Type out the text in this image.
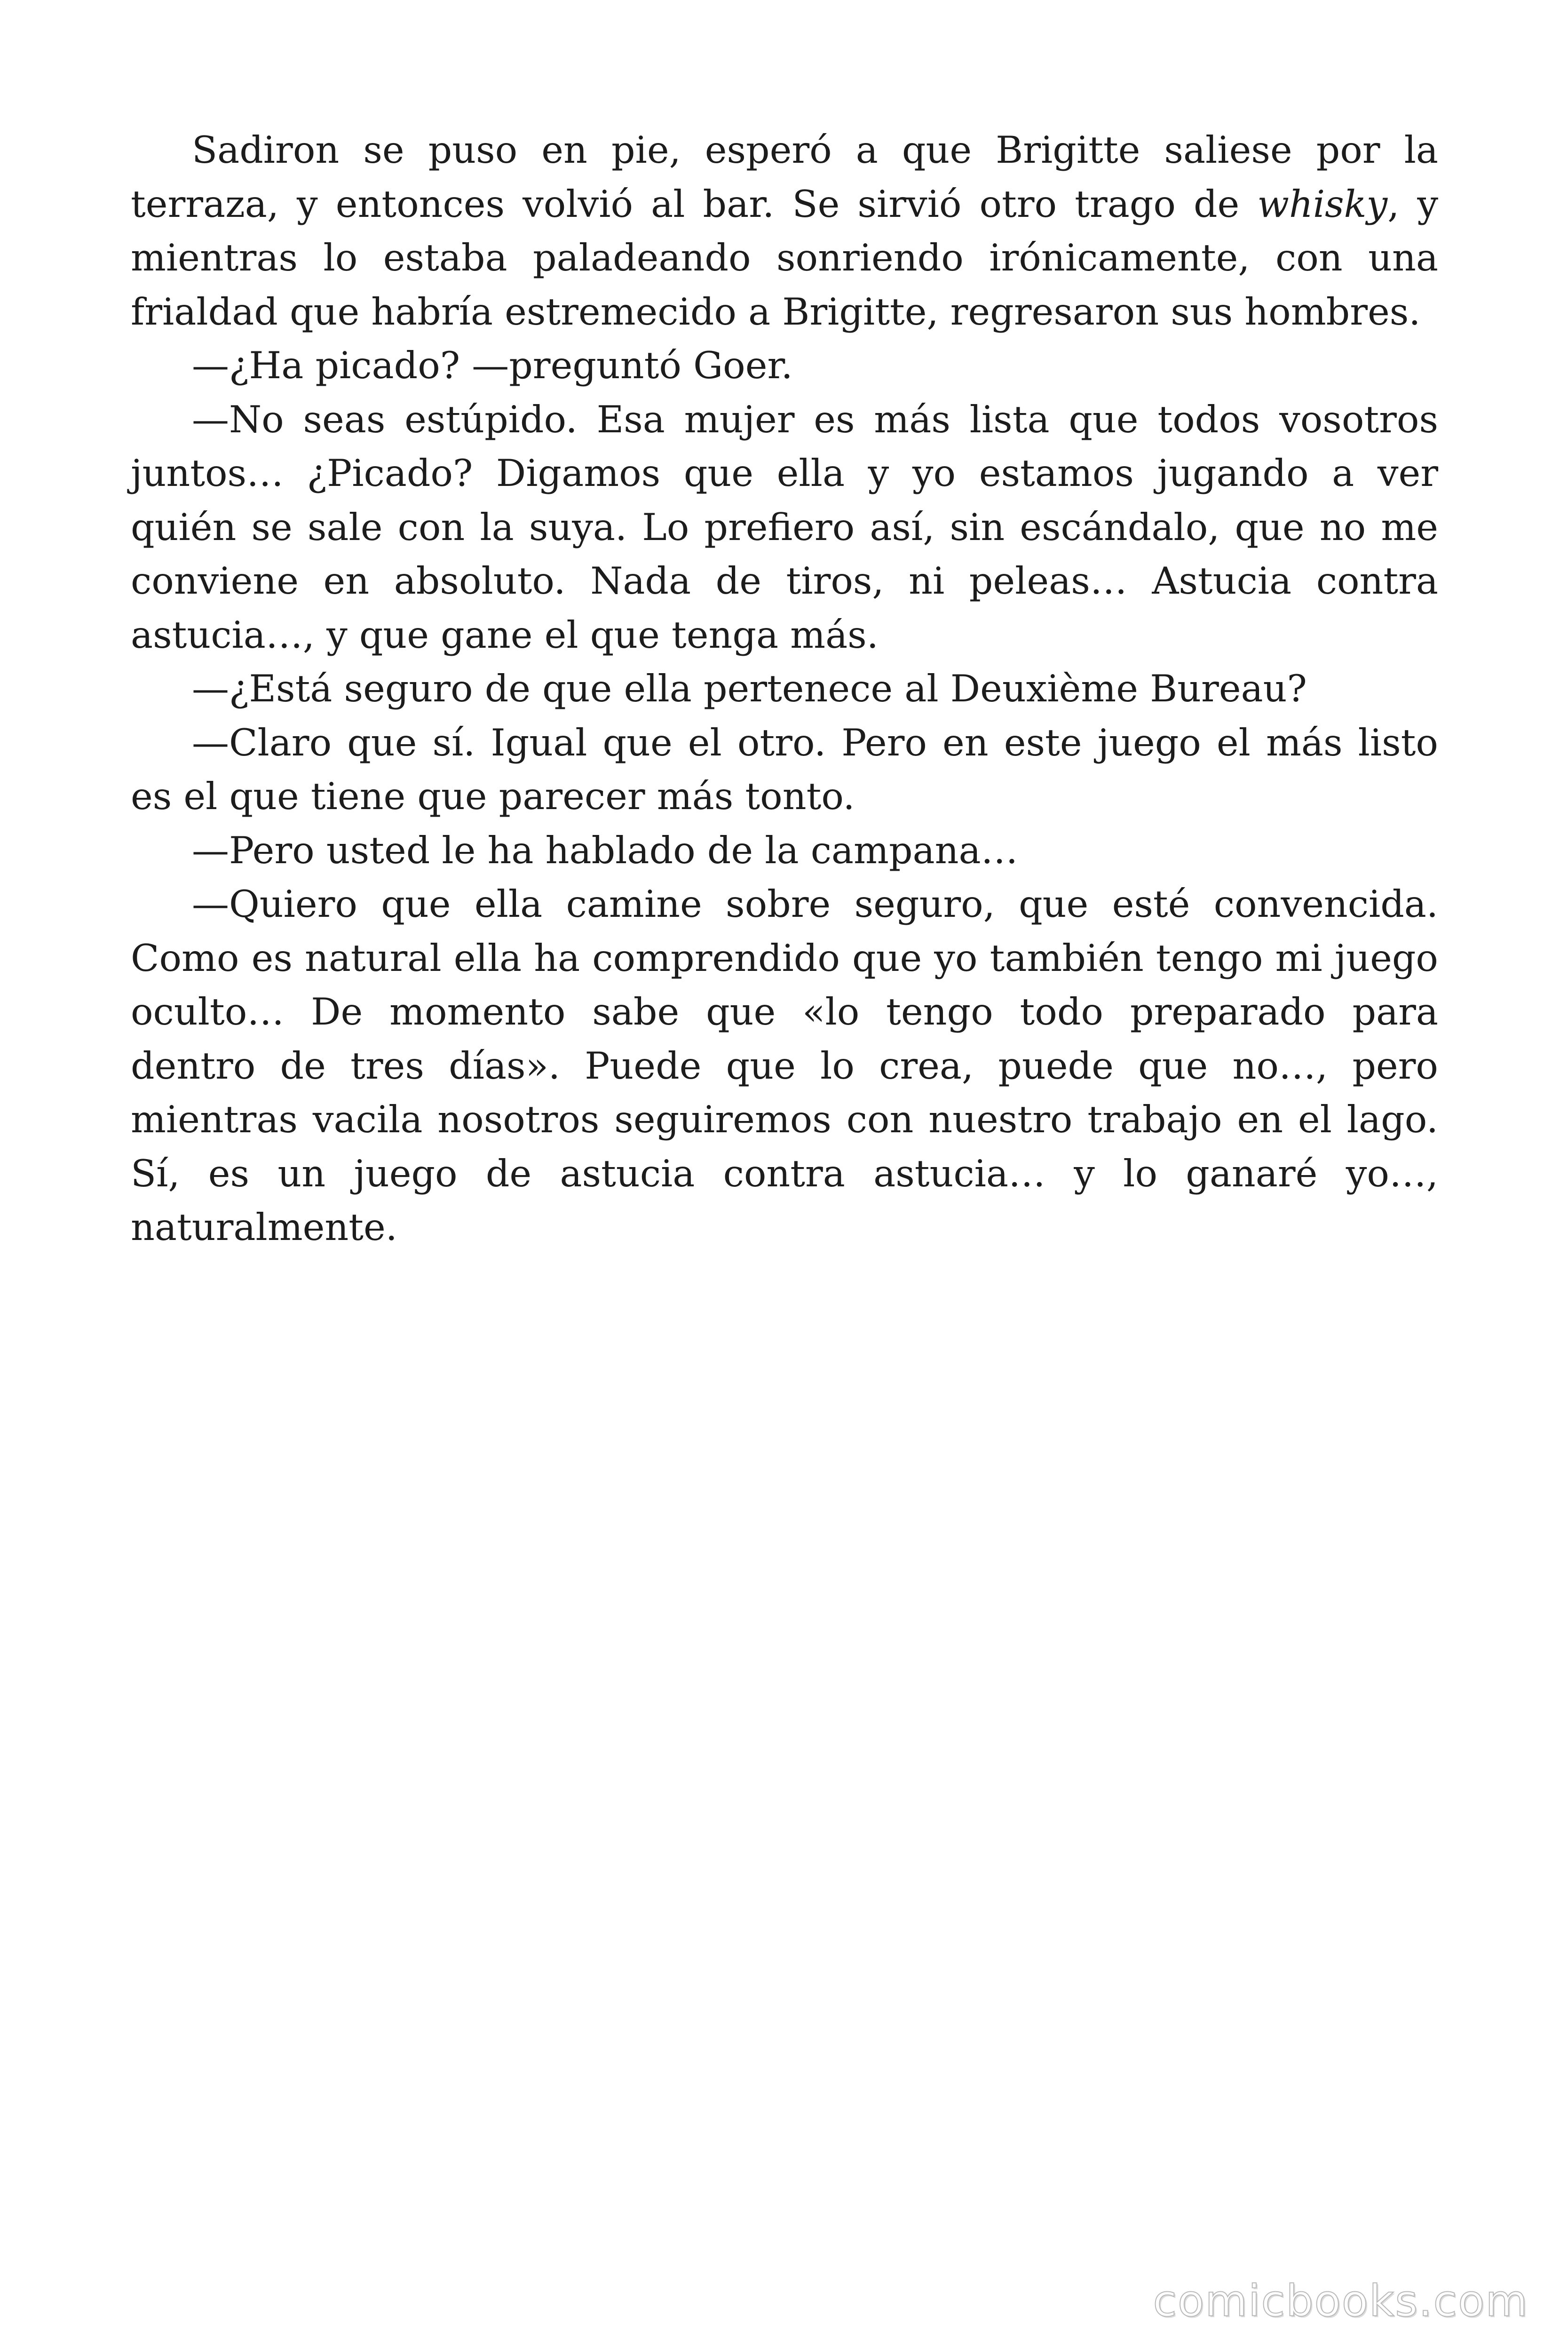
Sadiron se puso en pie, esperó a que Brigitte saliese por la terraza, y entonces volvió al bar. Se sirvió otro trago de whisky, y mientras lo estaba paladeando sonriendo irónicamente, con una frialdad que habría estremecido a Brigitte, regresaron sus hombres.

—¿Ha picado? —preguntó Goer.

—No seas estúpido. Esa mujer es más lista que todos vosotros juntos… ¿Picado? Digamos que ella y yo estamos jugando a ver quién se sale con la suya. Lo prefiero así, sin escándalo, que no me conviene en absoluto. Nada de tiros, ni peleas… Astucia contra astucia…, y que gane el que tenga más.

—¿Está seguro de que ella pertenece al Deuxième Bureau?

—Claro que sí. Igual que el otro. Pero en este juego el más listo es el que tiene que parecer más tonto.

—Pero usted le ha hablado de la campana…

—Quiero que ella camine sobre seguro, que esté convencida. Como es natural ella ha comprendido que yo también tengo mi juego oculto… De momento sabe que «lo tengo todo preparado para dentro de tres días». Puede que lo crea, puede que no…, pero mientras vacila nosotros seguiremos con nuestro trabajo en el lago. Sí, es un juego de astucia contra astucia… y lo ganaré yo…, naturalmente.

comicbooks.com
